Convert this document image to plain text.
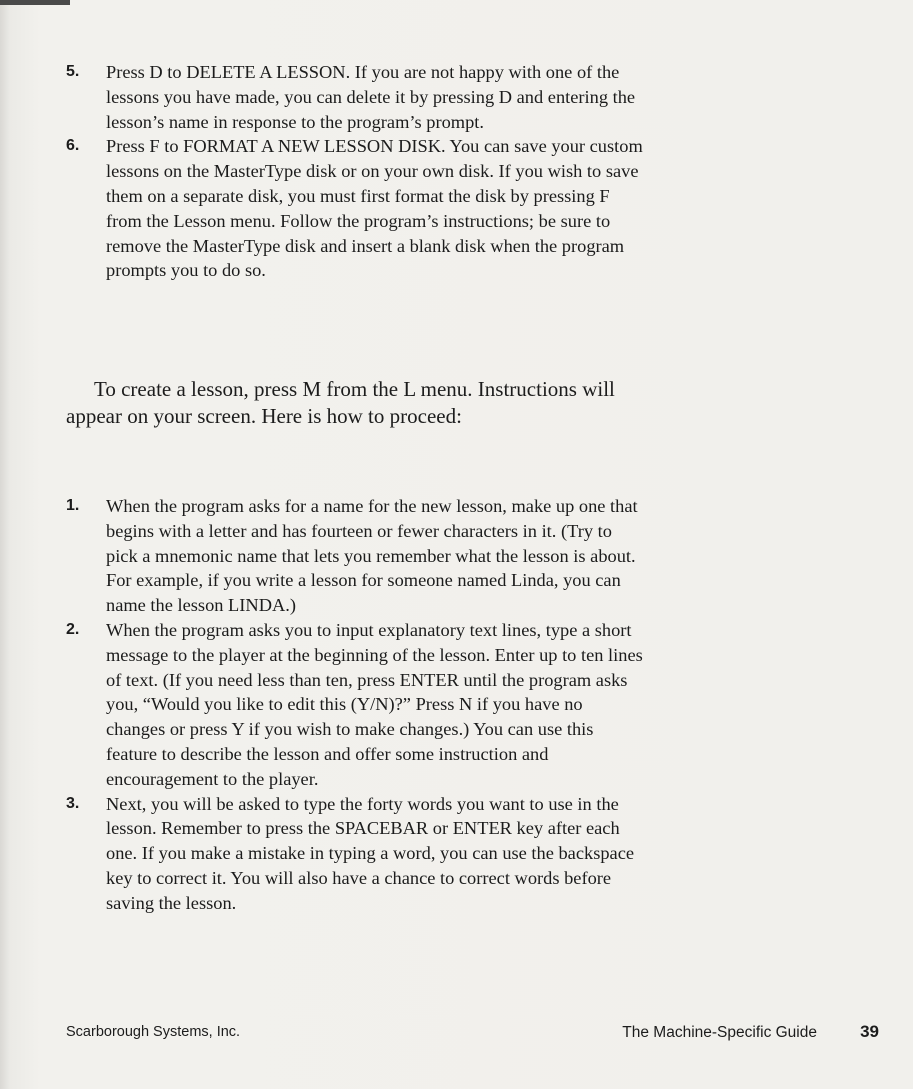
5. Press D to DELETE A LESSON. If you are not happy with one of the lessons you have made, you can delete it by pressing D and entering the lesson’s name in response to the program’s prompt.
6. Press F to FORMAT A NEW LESSON DISK. You can save your custom lessons on the MasterType disk or on your own disk. If you wish to save them on a separate disk, you must first format the disk by pressing F from the Lesson menu. Follow the program’s instructions; be sure to remove the MasterType disk and insert a blank disk when the program prompts you to do so.

To create a lesson, press M from the L menu. Instructions will appear on your screen. Here is how to proceed:

1. When the program asks for a name for the new lesson, make up one that begins with a letter and has fourteen or fewer characters in it. (Try to pick a mnemonic name that lets you remember what the lesson is about. For example, if you write a lesson for someone named Linda, you can name the lesson LINDA.)
2. When the program asks you to input explanatory text lines, type a short message to the player at the beginning of the lesson. Enter up to ten lines of text. (If you need less than ten, press ENTER until the program asks you, “Would you like to edit this (Y/N)?” Press N if you have no changes or press Y if you wish to make changes.) You can use this feature to describe the lesson and offer some instruction and encouragement to the player.
3. Next, you will be asked to type the forty words you want to use in the lesson. Remember to press the SPACEBAR or ENTER key after each one. If you make a mistake in typing a word, you can use the backspace key to correct it. You will also have a chance to correct words before saving the lesson.
Scarborough Systems, Inc.	The Machine-Specific Guide	39
